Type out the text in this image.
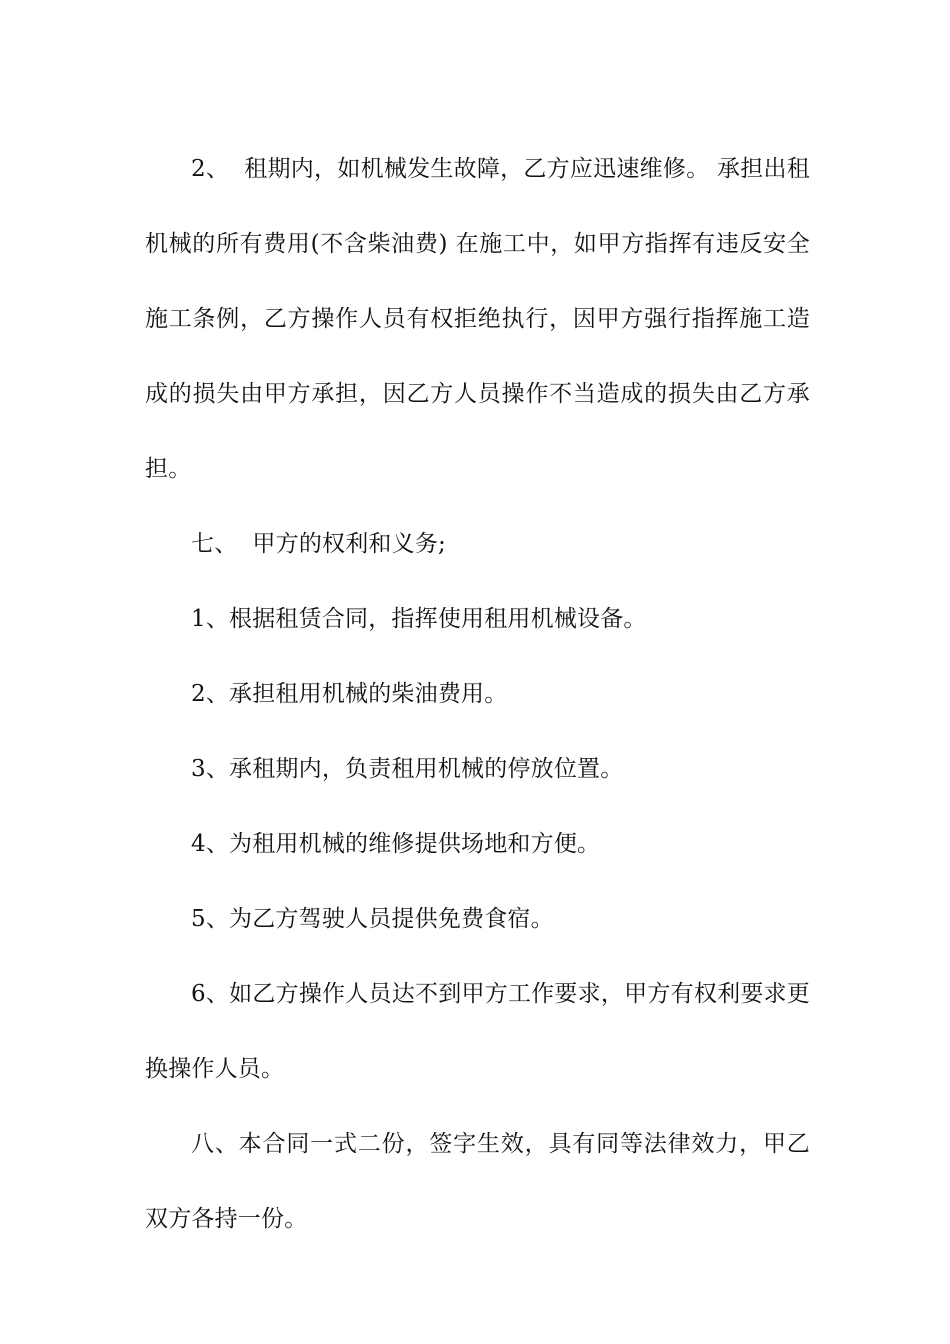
2、  租期内，如机械发生故障，乙方应迅速维修。 承担出租机械的所有费用(不含柴油费) 在施工中，如甲方指挥有违反安全施工条例，乙方操作人员有权拒绝执行，因甲方强行指挥施工造成的损失由甲方承担，因乙方人员操作不当造成的损失由乙方承担。

七、  甲方的权利和义务;

1、根据租赁合同，指挥使用租用机械设备。

2、承担租用机械的柴油费用。

3、承租期内，负责租用机械的停放位置。

4、为租用机械的维修提供场地和方便。

5、为乙方驾驶人员提供免费食宿。

6、如乙方操作人员达不到甲方工作要求，甲方有权利要求更换操作人员。

八、本合同一式二份，签字生效，具有同等法律效力，甲乙双方各持一份。
